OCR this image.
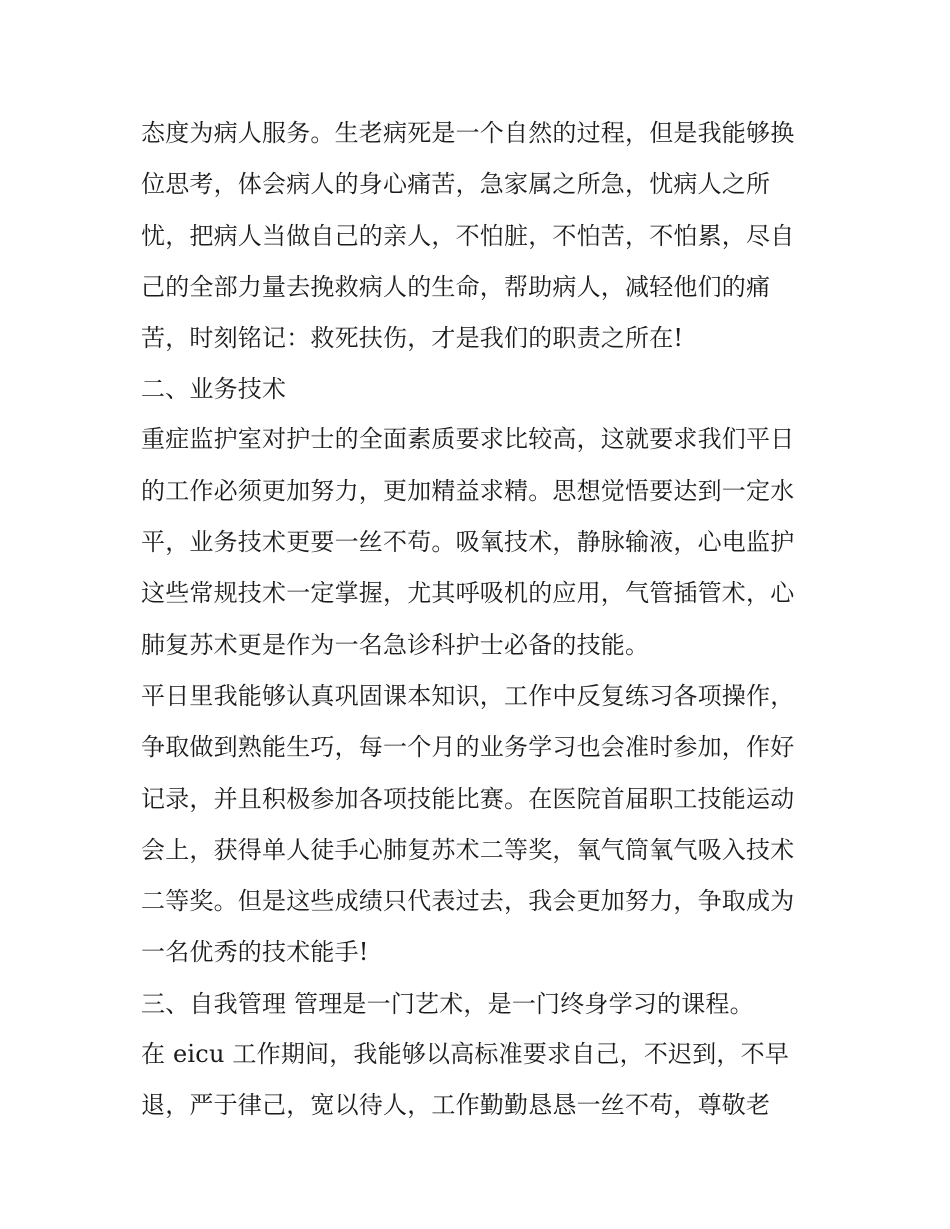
态度为病人服务。生老病死是一个自然的过程，但是我能够换
位思考，体会病人的身心痛苦，急家属之所急，忧病人之所
忧，把病人当做自己的亲人，不怕脏，不怕苦，不怕累，尽自
己的全部力量去挽救病人的生命，帮助病人，减轻他们的痛
苦，时刻铭记：救死扶伤，才是我们的职责之所在!
二、业务技术
重症监护室对护士的全面素质要求比较高，这就要求我们平日
的工作必须更加努力，更加精益求精。思想觉悟要达到一定水
平，业务技术更要一丝不苟。吸氧技术，静脉输液，心电监护
这些常规技术一定掌握，尤其呼吸机的应用，气管插管术，心
肺复苏术更是作为一名急诊科护士必备的技能。
平日里我能够认真巩固课本知识，工作中反复练习各项操作，
争取做到熟能生巧，每一个月的业务学习也会准时参加，作好
记录，并且积极参加各项技能比赛。在医院首届职工技能运动
会上，获得单人徒手心肺复苏术二等奖，氧气筒氧气吸入技术
二等奖。但是这些成绩只代表过去，我会更加努力，争取成为
一名优秀的技术能手!
三、自我管理 管理是一门艺术，是一门终身学习的课程。
在 eicu 工作期间，我能够以高标准要求自己，不迟到，不早
退，严于律己，宽以待人，工作勤勤恳恳一丝不苟，尊敬老
